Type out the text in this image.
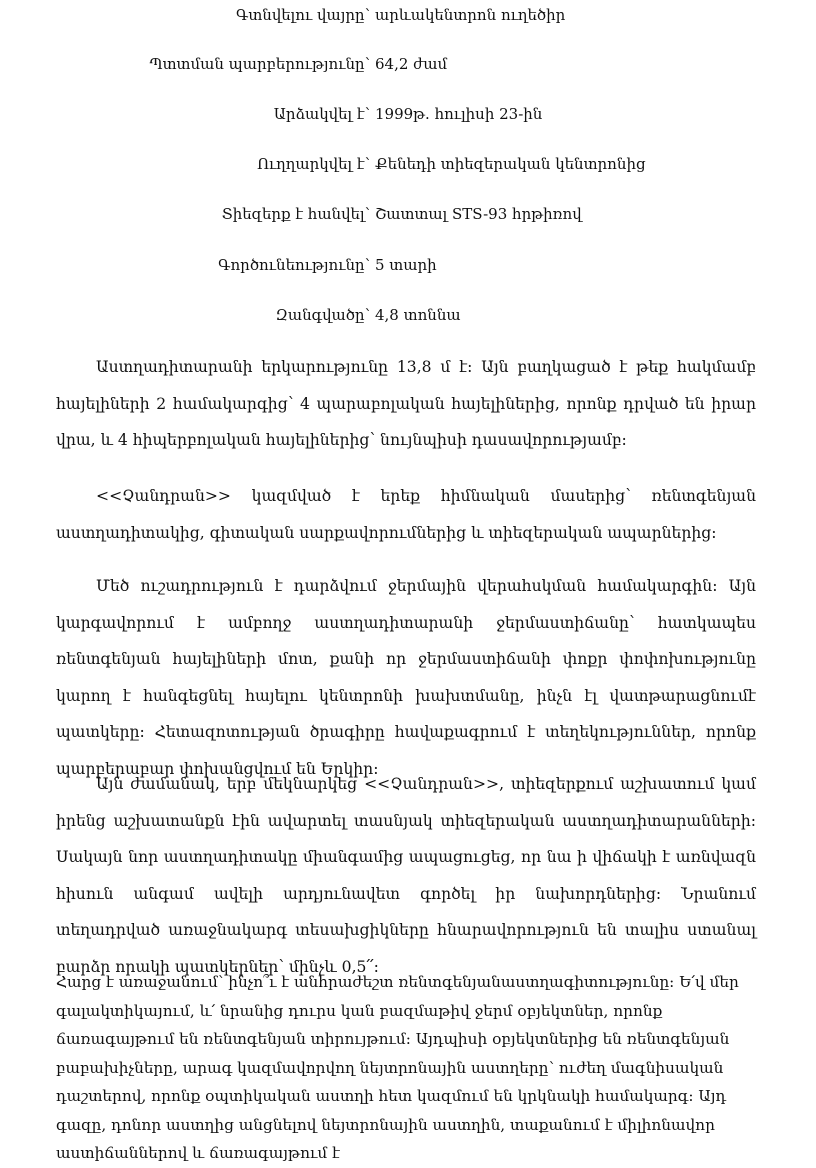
Գտնվելու վայրը՝ արևակենտրոն ուղեծիր
Պտտման պարբերությունը՝ 64,2 ժամ
Արձակվել է՝ 1999թ. հուլիսի 23-ին
Ուղղարկվել է՝ Քենեդի տիեզերական կենտրոնից
Տիեզերք է հանվել՝ Շատտալ STS-93 հրթիռով
Գործունեությունը՝ 5 տարի
Զանգվածը՝ 4,8 տոննա

Աստղադիտարանի երկարությունը 13,8 մ է: Այն բաղկացած է թեք հակմամբ հայելիների 2 համակարգից՝ 4 պարաբոլական հայելիներից, որոնք դրված են իրար վրա, և 4 հիպերբոլական հայելիներից՝ նույնպիսի դասավորությամբ:

<<Չանդրան>> կազմված է երեք հիմնական մասերից՝ ռենտգենյան աստղադիտակից, գիտական սարքավորումներից և տիեզերական ապարներից:

Մեծ ուշադրություն է դարձվում ջերմային վերահսկման համակարգին: Այն կարգավորում է ամբողջ աստղադիտարանի ջերմաստիճանը՝ հատկապես ռենտգենյան հայելիների մոտ, քանի որ ջերմաստիճանի փոքր փոփոխությունը կարող է հանգեցնել հայելու կենտրոնի խախտմանը, ինչն էլ վատթարացնումէ պատկերը: Հետազոտության ծրագիրը հավաքագրում է տեղեկություններ, որոնք պարբերաբար փոխանցվում են Երկիր:

Այն ժամանակ, երբ մեկնարկեց <<Չանդրան>>, տիեզերքում աշխատում կամ իրենց աշխատանքն էին ավարտել տասնյակ տիեզերական աստղադիտարանների: Սակայն նոր աստղադիտակը միանգամից ապացուցեց, որ նա ի վիճակի է առնվազն հիսուն անգամ ավելի արդյունավետ գործել իր նախորդներից: Նրանում տեղադրված առաջնակարգ տեսախցիկները հնարավորություն են տալիս ստանալ բարձր որակի պատկերներ՝ մինչև 0,5՛՛:

Հարց է առաջանում՝ ինչո՞ւ է անհրաժեշտ ռենտգենյանաստղագիտությունը: Ե՛վ մեր գալակտիկայում, և՛ նրանից դուրս կան բազմաթիվ ջերմ օբյեկտներ, որոնք ճառագայթում են ռենտգենյան տիրույթում: Այդպիսի օբյեկտներից են ռենտգենյան բաբախիչները, արագ կազմավորվող նեյտրոնային աստղերը՝ ուժեղ մագնիսական դաշտերով, որոնք օպտիկական աստղի հետ կազմում են կրկնակի համակարգ: Այդ գազը, դոնոր աստղից անցնելով նեյտրոնային աստղին, տաքանում է միլիոնավոր աստիճաններով և ճառագայթում է
